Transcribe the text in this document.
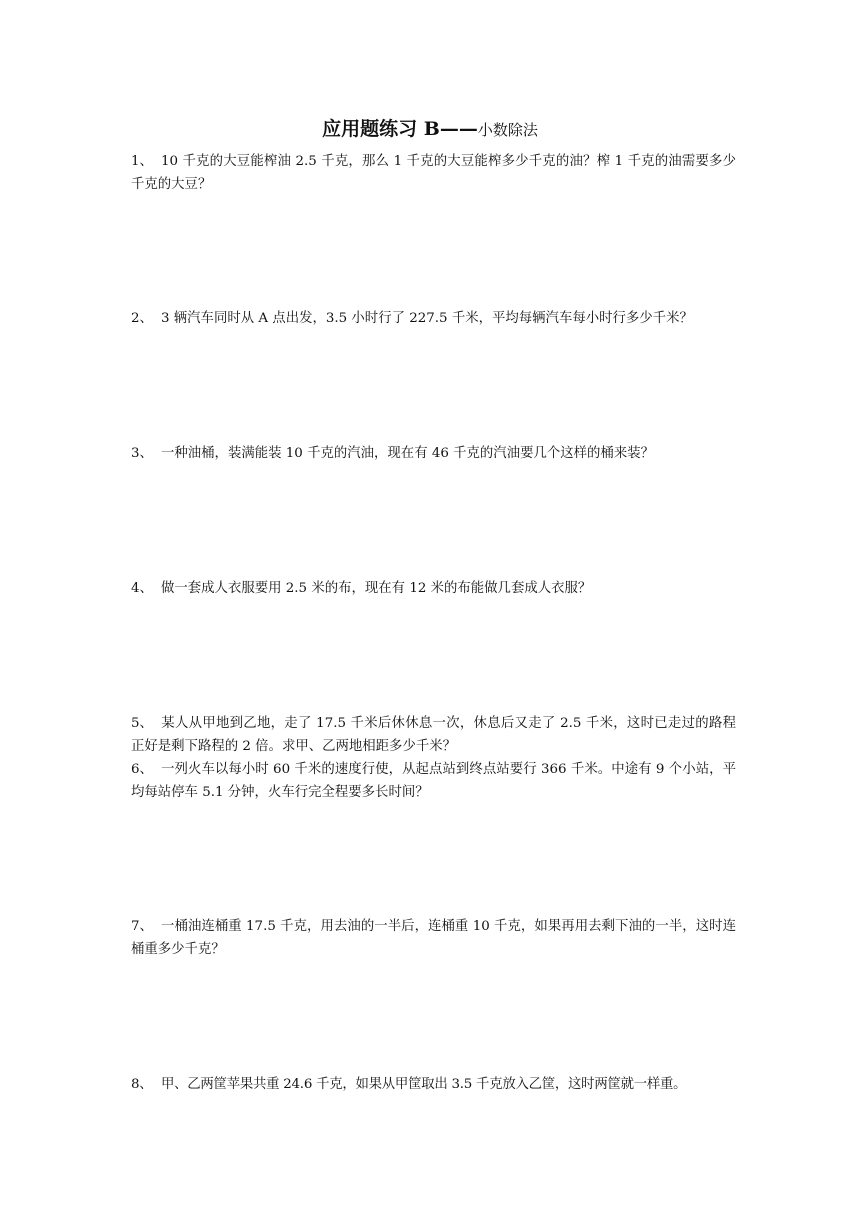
应用题练习 B——小数除法
1、 10 千克的大豆能榨油 2.5 千克，那么 1 千克的大豆能榨多少千克的油？榨 1 千克的油需要多少千克的大豆？
2、 3 辆汽车同时从 A 点出发，3.5 小时行了 227.5 千米，平均每辆汽车每小时行多少千米？
3、 一种油桶，装满能装 10 千克的汽油，现在有 46 千克的汽油要几个这样的桶来装？
4、 做一套成人衣服要用 2.5 米的布，现在有 12 米的布能做几套成人衣服？
5、 某人从甲地到乙地，走了 17.5 千米后休休息一次，休息后又走了 2.5 千米，这时已走过的路程正好是剩下路程的 2 倍。求甲、乙两地相距多少千米？
6、 一列火车以每小时 60 千米的速度行使，从起点站到终点站要行 366 千米。中途有 9 个小站，平均每站停车 5.1 分钟，火车行完全程要多长时间？
7、 一桶油连桶重 17.5 千克，用去油的一半后，连桶重 10 千克，如果再用去剩下油的一半，这时连桶重多少千克？
8、 甲、乙两筐苹果共重 24.6 千克，如果从甲筐取出 3.5 千克放入乙筐，这时两筐就一样重。
